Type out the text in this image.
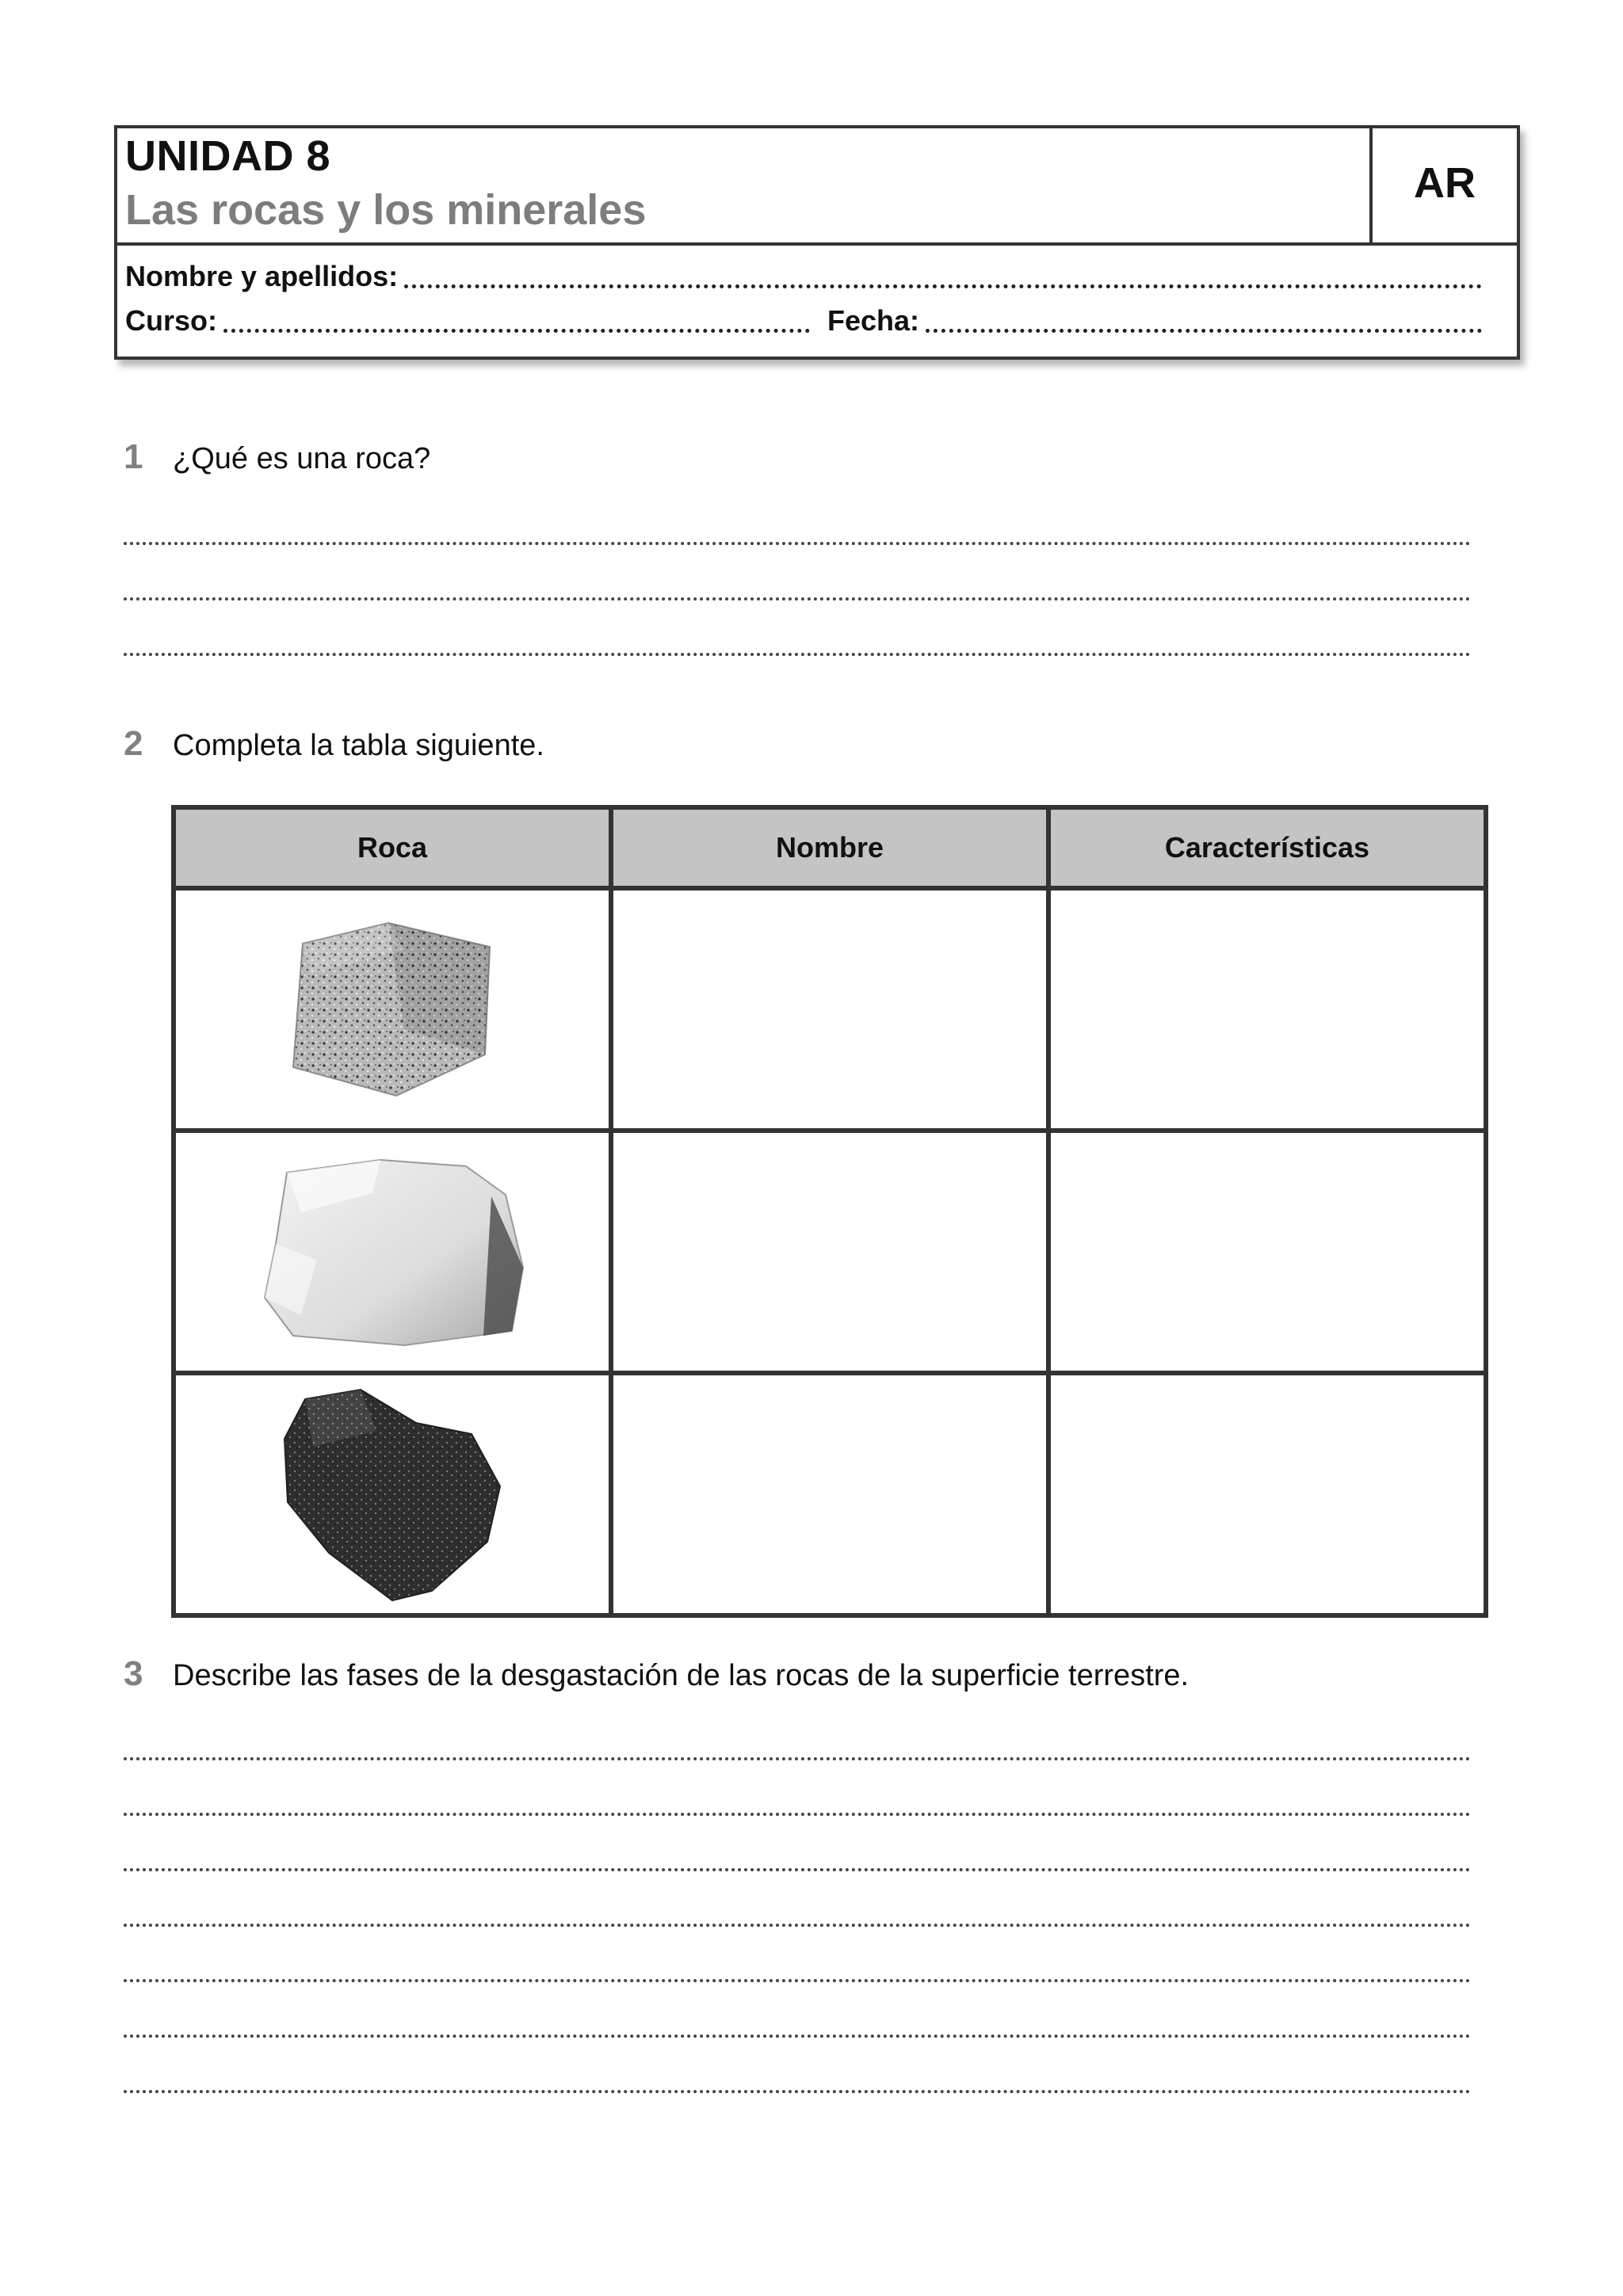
UNIDAD 8
Las rocas y los minerales
AR
Nombre y apellidos:
Curso:	Fecha:
1 ¿Qué es una roca?
2 Completa la tabla siguiente.
Roca	Nombre	Características

3 Describe las fases de la desgastación de las rocas de la superficie terrestre.
